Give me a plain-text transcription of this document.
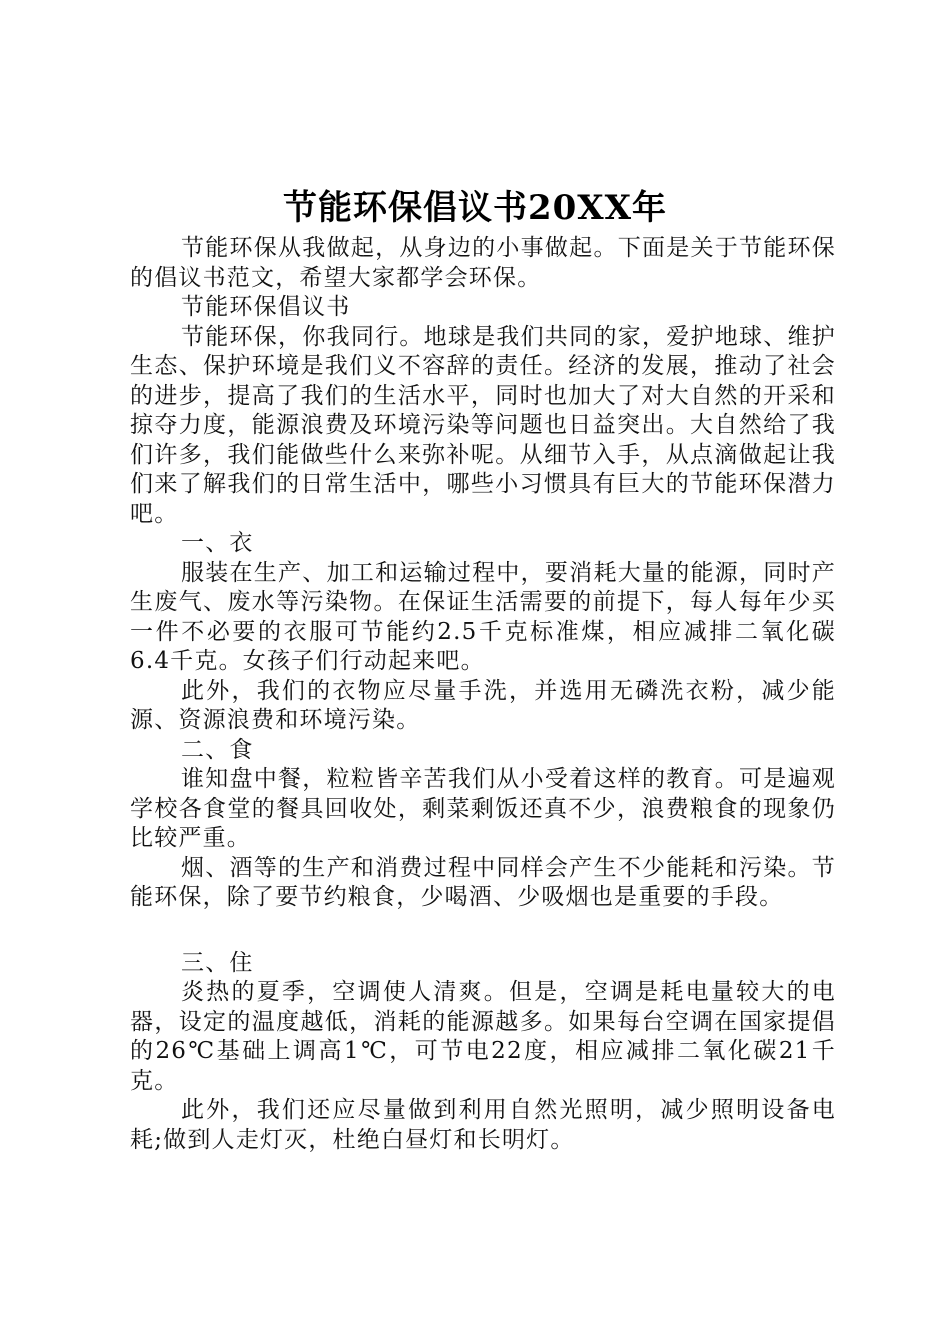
节能环保倡议书20XX年

节能环保从我做起，从身边的小事做起。下面是关于节能环保的倡议书范文，希望大家都学会环保。

节能环保倡议书

节能环保，你我同行。地球是我们共同的家，爱护地球、维护生态、保护环境是我们义不容辞的责任。经济的发展，推动了社会的进步，提高了我们的生活水平，同时也加大了对大自然的开采和掠夺力度，能源浪费及环境污染等问题也日益突出。大自然给了我们许多，我们能做些什么来弥补呢。从细节入手，从点滴做起让我们来了解我们的日常生活中，哪些小习惯具有巨大的节能环保潜力吧。

一、衣

服装在生产、加工和运输过程中，要消耗大量的能源，同时产生废气、废水等污染物。在保证生活需要的前提下，每人每年少买一件不必要的衣服可节能约2.5千克标准煤，相应减排二氧化碳6.4千克。女孩子们行动起来吧。

此外，我们的衣物应尽量手洗，并选用无磷洗衣粉，减少能源、资源浪费和环境污染。

二、食

谁知盘中餐，粒粒皆辛苦我们从小受着这样的教育。可是遍观学校各食堂的餐具回收处，剩菜剩饭还真不少，浪费粮食的现象仍比较严重。

烟、酒等的生产和消费过程中同样会产生不少能耗和污染。节能环保，除了要节约粮食，少喝酒、少吸烟也是重要的手段。

三、住

炎热的夏季，空调使人清爽。但是，空调是耗电量较大的电器，设定的温度越低，消耗的能源越多。如果每台空调在国家提倡的26℃基础上调高1℃，可节电22度，相应减排二氧化碳21千克。

此外，我们还应尽量做到利用自然光照明，减少照明设备电耗;做到人走灯灭，杜绝白昼灯和长明灯。
